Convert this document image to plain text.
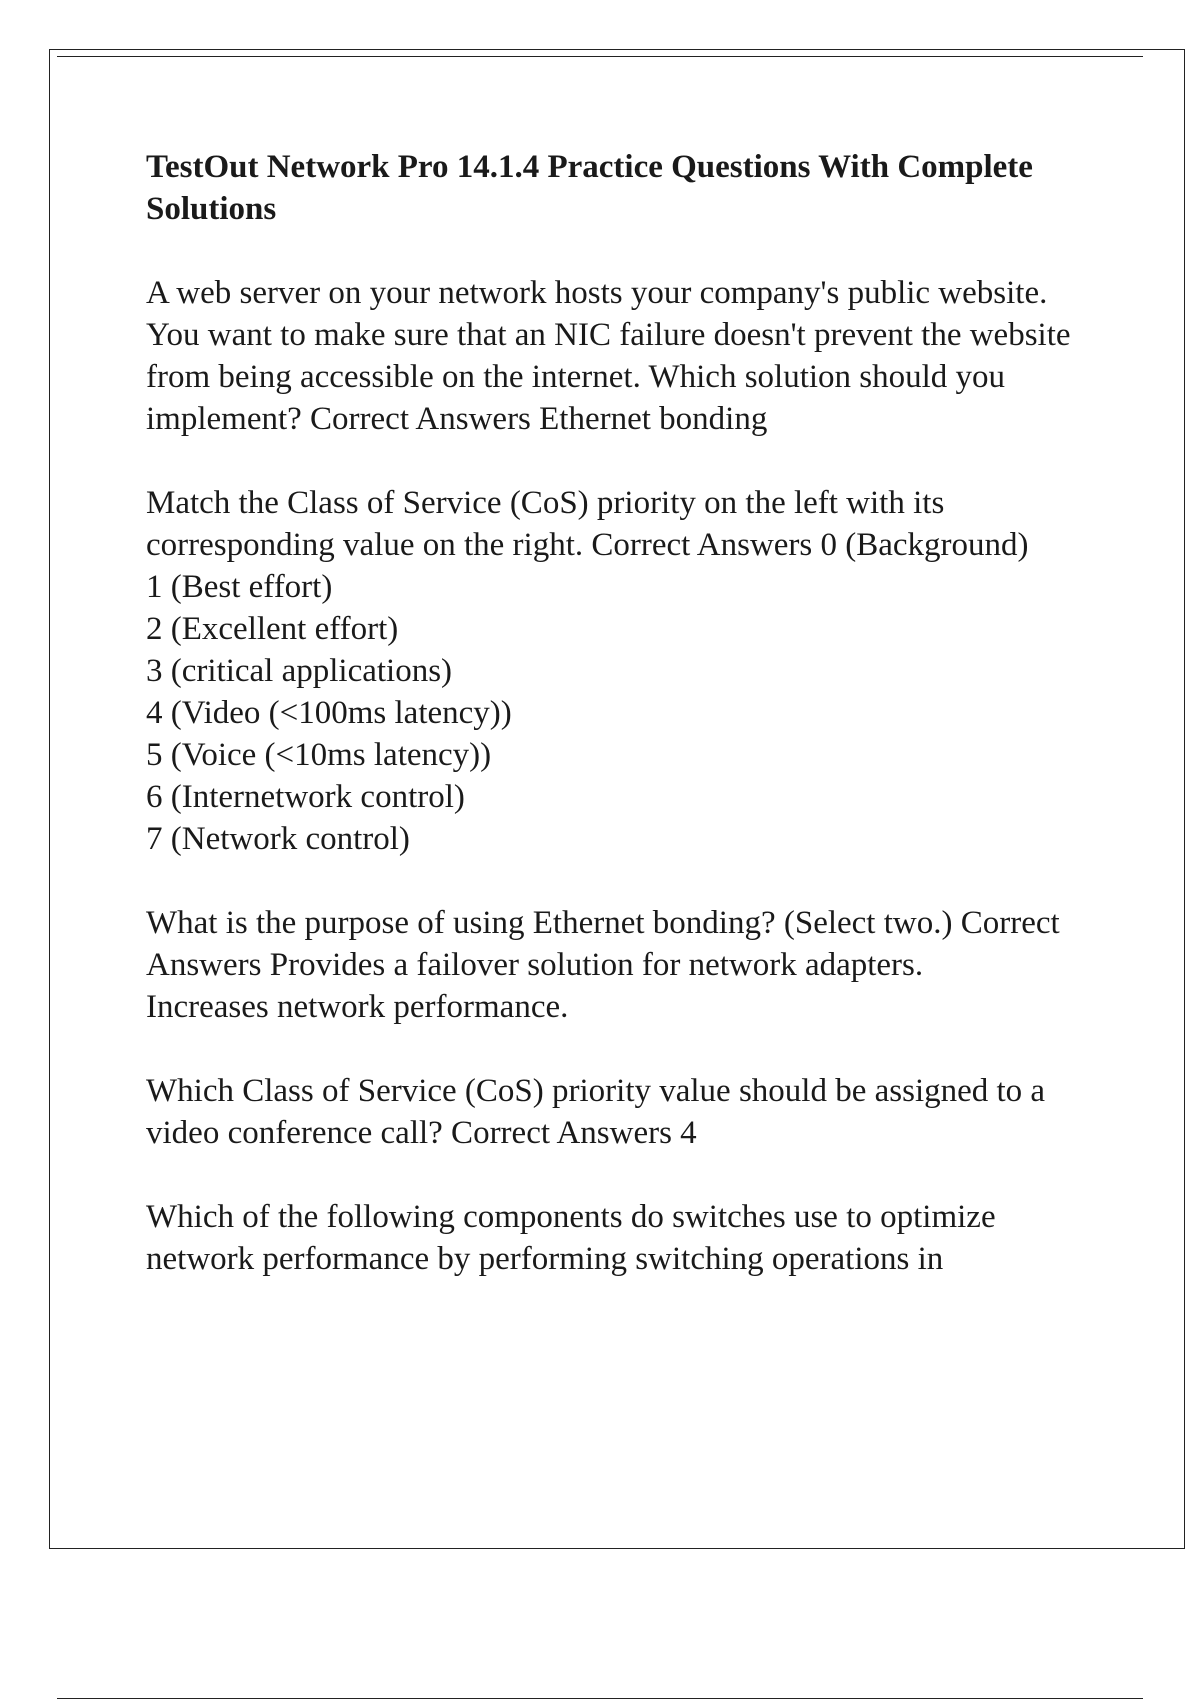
TestOut Network Pro 14.1.4 Practice Questions With Complete Solutions
A web server on your network hosts your company's public website. You want to make sure that an NIC failure doesn't prevent the website from being accessible on the internet. Which solution should you implement? Correct Answers Ethernet bonding
Match the Class of Service (CoS) priority on the left with its corresponding value on the right. Correct Answers 0 (Background)
1 (Best effort)
2 (Excellent effort)
3 (critical applications)
4 (Video (<100ms latency))
5 (Voice (<10ms latency))
6 (Internetwork control)
7 (Network control)
What is the purpose of using Ethernet bonding? (Select two.) Correct Answers Provides a failover solution for network adapters.
Increases network performance.
Which Class of Service (CoS) priority value should be assigned to a video conference call? Correct Answers 4
Which of the following components do switches use to optimize network performance by performing switching operations in
